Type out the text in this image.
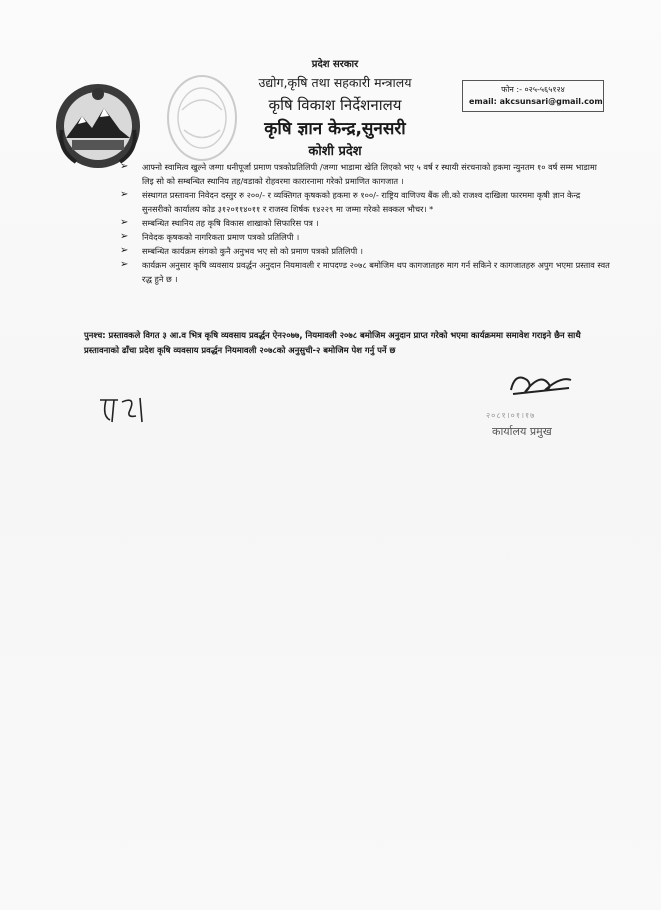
प्रदेश सरकार
उद्योग,कृषि तथा सहकारी मन्त्रालय
कृषि विकाश निर्देशनालय
कृषि ज्ञान केन्द्र,सुनसरी
कोशी प्रदेश
फोन :- ०२५-५६५१२४
email: akcsunsari@gmail.com
➢ आफ्नो स्वामित्व खुल्ने जग्गा धनीपूर्जा प्रमाण पत्रकोप्रतिलिपी /जग्गा भाडामा खेति लिएको भए ५ वर्ष र स्थायी संरचनाको हकमा न्युनतम १० वर्ष सम्म भाडामा लिइ सो को सम्बन्धित स्थानिय तह/वडाको रोहवरमा कारारनामा गरेको प्रमाणित कागजात ।
➢ संस्थागत प्रस्तावना निवेदन दस्तुर रु २००/- र व्यक्तिगत कृषकको हकमा रु १००/- राष्ट्रिय वाणिज्य बैंक ली.को राजश्व दाखिला फारममा कृषी ज्ञान केन्द्र सुनसरीको कार्यालय कोड ३१२०११४०११ र राजस्व शिर्षक १४२२९ मा जम्मा गरेको सक्कल भौचर। *
➢ सम्बन्धित स्थानिय तह कृषि विकास शाखाको सिफारिस पत्र ।
➢ निवेदक कृषकको नागरिकता प्रमाण पत्रको प्रतिलिपी ।
➢ सम्बन्धित कार्यक्रम संगको कुनै अनुभव भए सो को प्रमाण पत्रको प्रतिलिपी ।
➢ कार्यक्रम अनुसार कृषि व्यवसाय प्रवर्द्धन अनुदान नियमावली र मापदण्ड २०७८ बमोजिम थप कागजातहरु माग गर्न सकिने र कागजातहरु अपुग भएमा प्रस्ताव स्वत रद्ध हुने छ ।
पुनश्च: प्रस्तावकले विगत ३ आ.व भित्र कृषि व्यवसाय प्रवर्द्धन ऐन२०७७, नियमावली २०७८ बमोजिम अनुदान प्राप्त गरेको भएमा कार्यक्रममा समावेश गराइने छैन साथै प्रस्तावनाको ढाँचा प्रदेश कृषि व्यवसाय प्रवर्द्धन नियमावली २०७८को अनुसुची-२ बमोजिम पेश गर्नु पर्ने छ
२०८१।०१।१७
कार्यालय प्रमुख
